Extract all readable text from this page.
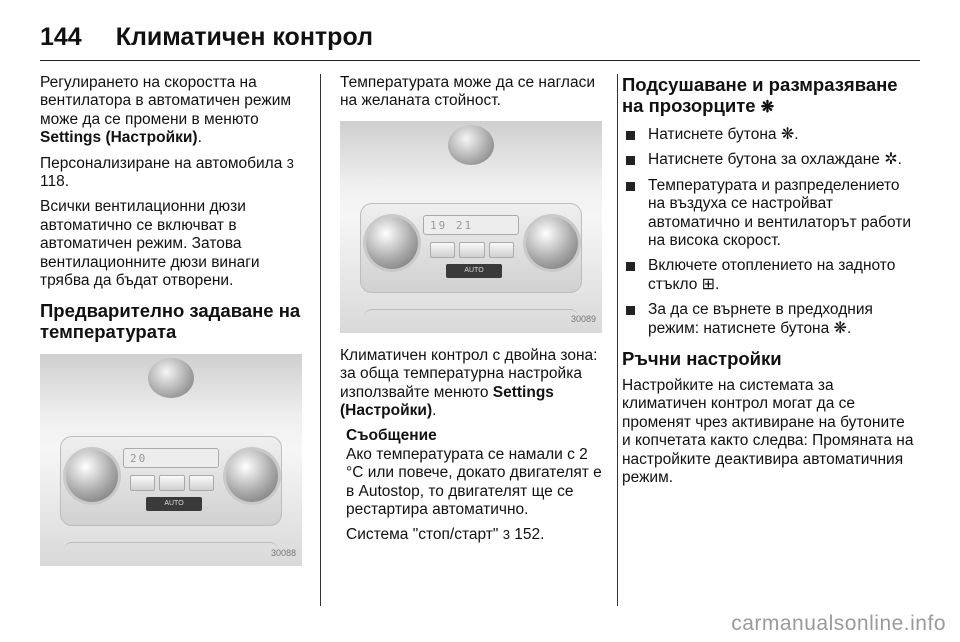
144 Климатичен контрол

Регулирането на скоростта на вентилатора в автоматичен режим може да се промени в менюто Settings (Настройки).

Персонализиране на автомобила 3 118.

Всички вентилационни дюзи автоматично се включват в автоматичен режим. Затова вентилационните дюзи винаги трябва да бъдат отворени.

Предварително задаване на температурата
20
AUTO
30088

Температурата може да се нагласи на желаната стойност.

19 21
AUTO
30089

Климатичен контрол с двойна зона: за обща температурна настройка използвайте менюто Settings (Настройки).

Съобщение

Ако температурата се намали с 2 °C или повече, докато двигателят е в Autostop, то двигателят ще се рестартира автоматично.

Система "стоп/старт" 3 152.

Подсушаване и размразяване на прозорците ❋
Натиснете бутона ❋.
Натиснете бутона за охлаждане ✲.
Температурата и разпределението на въздуха се настройват автоматично и вентилаторът работи на висока скорост.
Включете отоплението на задното стъкло ⊞.
За да се върнете в предходния режим: натиснете бутона ❋.
Ръчни настройки

Настройките на системата за климатичен контрол могат да се променят чрез активиране на бутоните и копчетата както следва: Промяната на настройките деактивира автоматичния режим.

carmanualsonline.info
